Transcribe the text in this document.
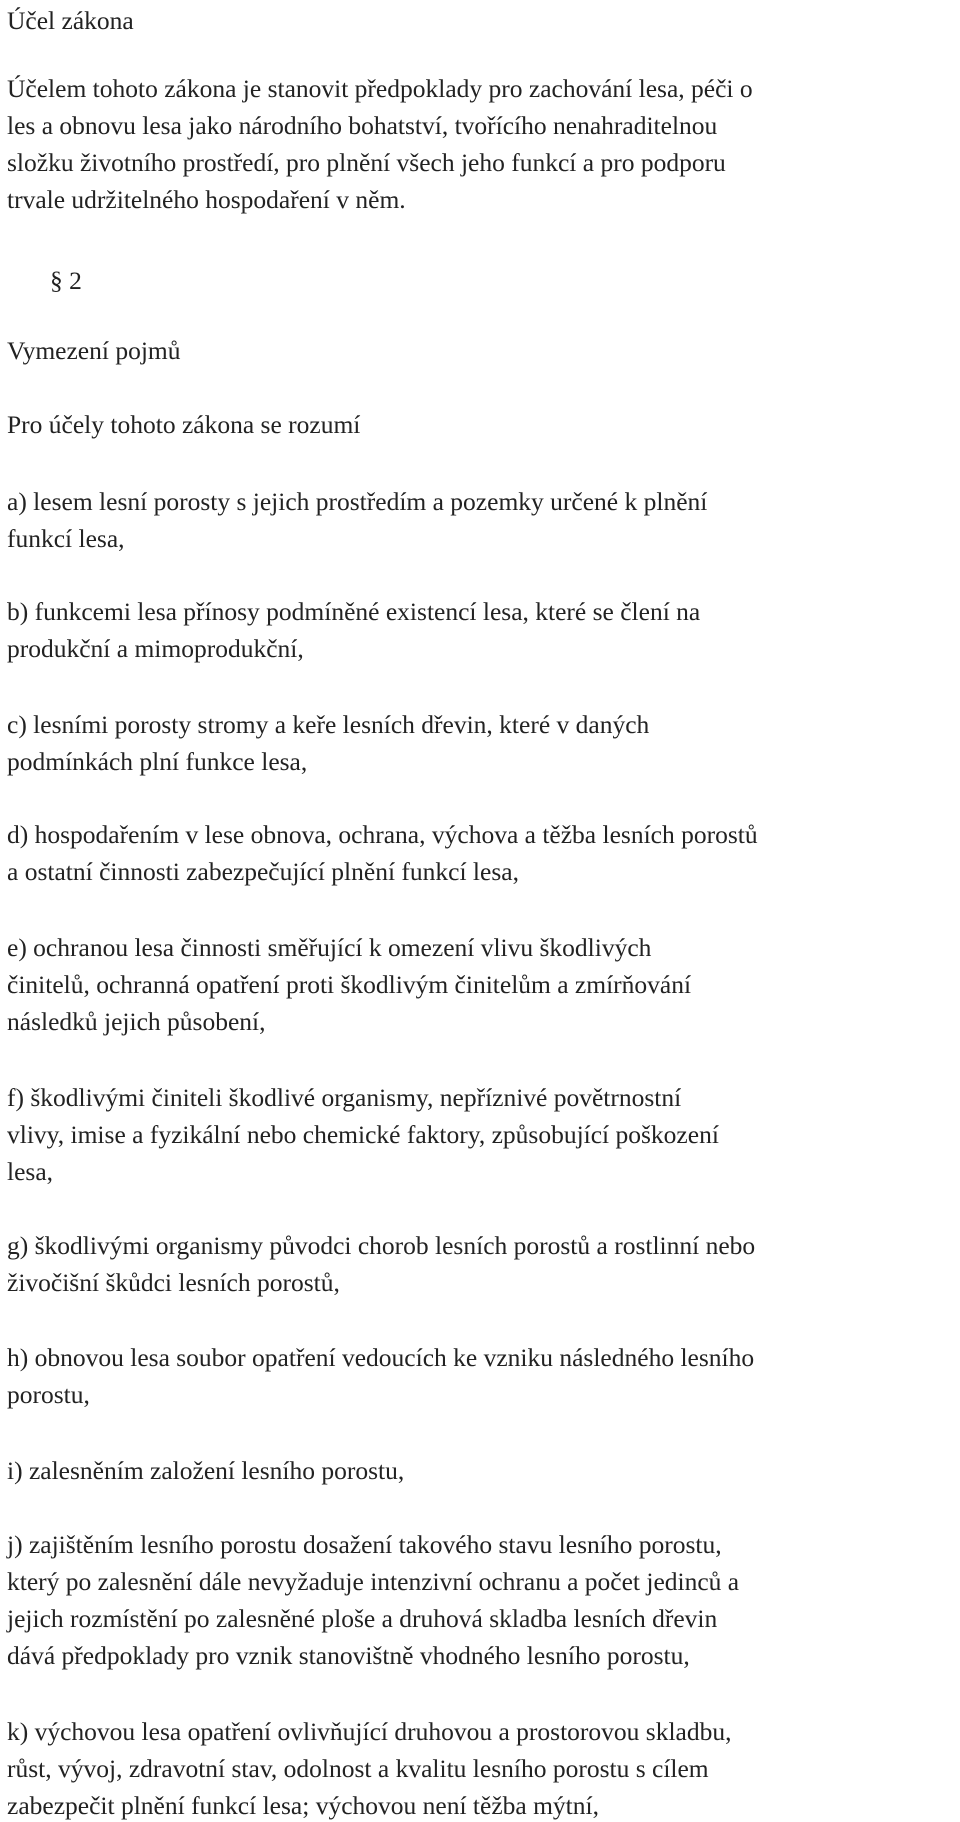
Účel zákona
Účelem tohoto zákona je stanovit předpoklady pro zachování lesa, péči o
les a obnovu lesa jako národního bohatství, tvořícího nenahraditelnou
složku životního prostředí, pro plnění všech jeho funkcí a pro podporu
trvale udržitelného hospodaření v něm.
§ 2
Vymezení pojmů
Pro účely tohoto zákona se rozumí
a) lesem lesní porosty s jejich prostředím a pozemky určené k plnění
funkcí lesa,
b) funkcemi lesa přínosy podmíněné existencí lesa, které se člení na
produkční a mimoprodukční,
c) lesními porosty stromy a keře lesních dřevin, které v daných
podmínkách plní funkce lesa,
d) hospodařením v lese obnova, ochrana, výchova a těžba lesních porostů
a ostatní činnosti zabezpečující plnění funkcí lesa,
e) ochranou lesa činnosti směřující k omezení vlivu škodlivých
činitelů, ochranná opatření proti škodlivým činitelům a zmírňování
následků jejich působení,
f) škodlivými činiteli škodlivé organismy, nepříznivé povětrnostní
vlivy, imise a fyzikální nebo chemické faktory, způsobující poškození
lesa,
g) škodlivými organismy původci chorob lesních porostů a rostlinní nebo
živočišní škůdci lesních porostů,
h) obnovou lesa soubor opatření vedoucích ke vzniku následného lesního
porostu,
i) zalesněním založení lesního porostu,
j) zajištěním lesního porostu dosažení takového stavu lesního porostu,
který po zalesnění dále nevyžaduje intenzivní ochranu a počet jedinců a
jejich rozmístění po zalesněné ploše a druhová skladba lesních dřevin
dává předpoklady pro vznik stanovištně vhodného lesního porostu,
k) výchovou lesa opatření ovlivňující druhovou a prostorovou skladbu,
růst, vývoj, zdravotní stav, odolnost a kvalitu lesního porostu s cílem
zabezpečit plnění funkcí lesa; výchovou není těžba mýtní,
